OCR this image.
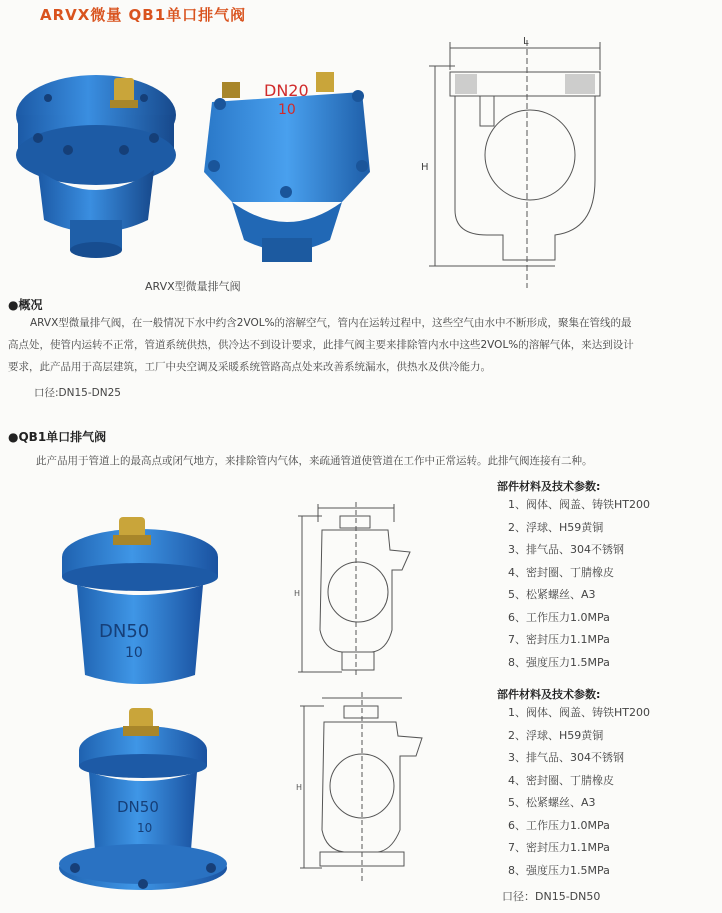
ARVX微量 QB1单口排气阀
DN20
10
L
H
ARVX型微量排气阀
●概况
ARVX型微量排气阀，在一般情况下水中约含2VOL%的溶解空气，管内在运转过程中，这些空气由水中不断形成，聚集在管线的最
高点处，使管内运转不正常，管道系统供热，供冷达不到设计要求，此排气阀主要来排除管内水中这些2VOL%的溶解气体，来达到设计
要求，此产品用于高层建筑，工厂中央空调及采暖系统管路高点处来改善系统漏水，供热水及供冷能力。
口径:DN15-DN25
●QB1单口排气阀
此产品用于管道上的最高点或闭气地方，来排除管内气体，来疏通管道使管道在工作中正常运转。此排气阀连接有二种。
DN50
10
H
DN50
10
H
部件材料及技术参数:
1、阀体、阀盖、铸铁HT200
2、浮球、H59黄铜
3、排气品、304不锈钢
4、密封圈、丁腈橡皮
5、松紧螺丝、A3
6、工作压力1.0MPa
7、密封压力1.1MPa
8、强度压力1.5MPa
部件材料及技术参数:
1、阀体、阀盖、铸铁HT200
2、浮球、H59黄铜
3、排气品、304不锈钢
4、密封圈、丁腈橡皮
5、松紧螺丝、A3
6、工作压力1.0MPa
7、密封压力1.1MPa
8、强度压力1.5MPa
口径：DN15-DN50
